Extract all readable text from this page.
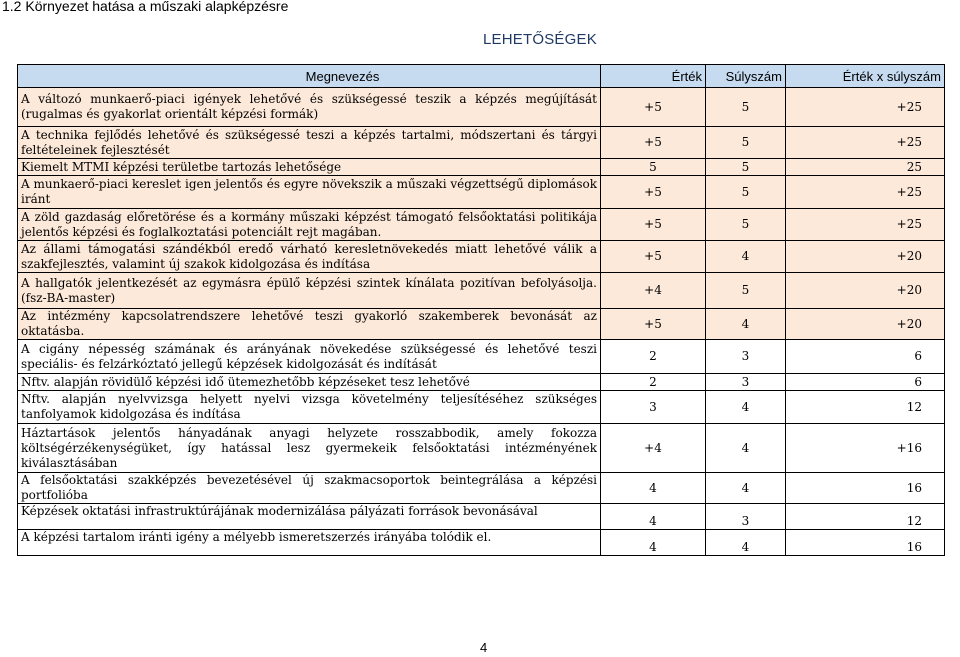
1.2 Környezet hatása a műszaki alapképzésre
LEHETŐSÉGEK
Megnevezés	Érték	Súlyszám	Érték x súlyszám
A változó munkaerő-piaci igények lehetővé és szükségessé teszik a képzés megújítását (rugalmas és gyakorlat orientált képzési formák)	+5	5	+25
A technika fejlődés lehetővé és szükségessé teszi a képzés tartalmi, módszertani és tárgyi feltételeinek fejlesztését	+5	5	+25
Kiemelt MTMI képzési területbe tartozás lehetősége	5	5	25
A munkaerő-piaci kereslet igen jelentős és egyre növekszik a műszaki végzettségű diplomások iránt	+5	5	+25
A zöld gazdaság előretörése és a kormány műszaki képzést támogató felsőoktatási politikája jelentős képzési és foglalkoztatási potenciált rejt magában.	+5	5	+25
Az állami támogatási szándékból eredő várható keresletnövekedés miatt lehetővé válik a szakfejlesztés, valamint új szakok kidolgozása és indítása	+5	4	+20
A hallgatók jelentkezését az egymásra épülő képzési szintek kínálata pozitívan befolyásolja. (fsz-BA-master)	+4	5	+20
Az intézmény kapcsolatrendszere lehetővé teszi gyakorló szakemberek bevonását az oktatásba.	+5	4	+20
A cigány népesség számának és arányának növekedése szükségessé és lehetővé teszi speciális- és felzárkóztató jellegű képzések kidolgozását és indítását	2	3	6
Nftv. alapján rövidülő képzési idő ütemezhetőbb képzéseket tesz lehetővé	2	3	6
Nftv. alapján nyelvvizsga helyett nyelvi vizsga követelmény teljesítéséhez szükséges tanfolyamok kidolgozása és indítása	3	4	12
Háztartások jelentős hányadának anyagi helyzete rosszabbodik, amely fokozza költségérzékenységüket, így hatással lesz gyermekeik felsőoktatási intézményének kiválasztásában	+4	4	+16
A felsőoktatási szakképzés bevezetésével új szakmacsoportok beintegrálása a képzési portfolióba	4	4	16
Képzések oktatási infrastruktúrájának modernizálása pályázati források bevonásával	4	3	12
A képzési tartalom iránti igény a mélyebb ismeretszerzés irányába tolódik el.	4	4	16
4
